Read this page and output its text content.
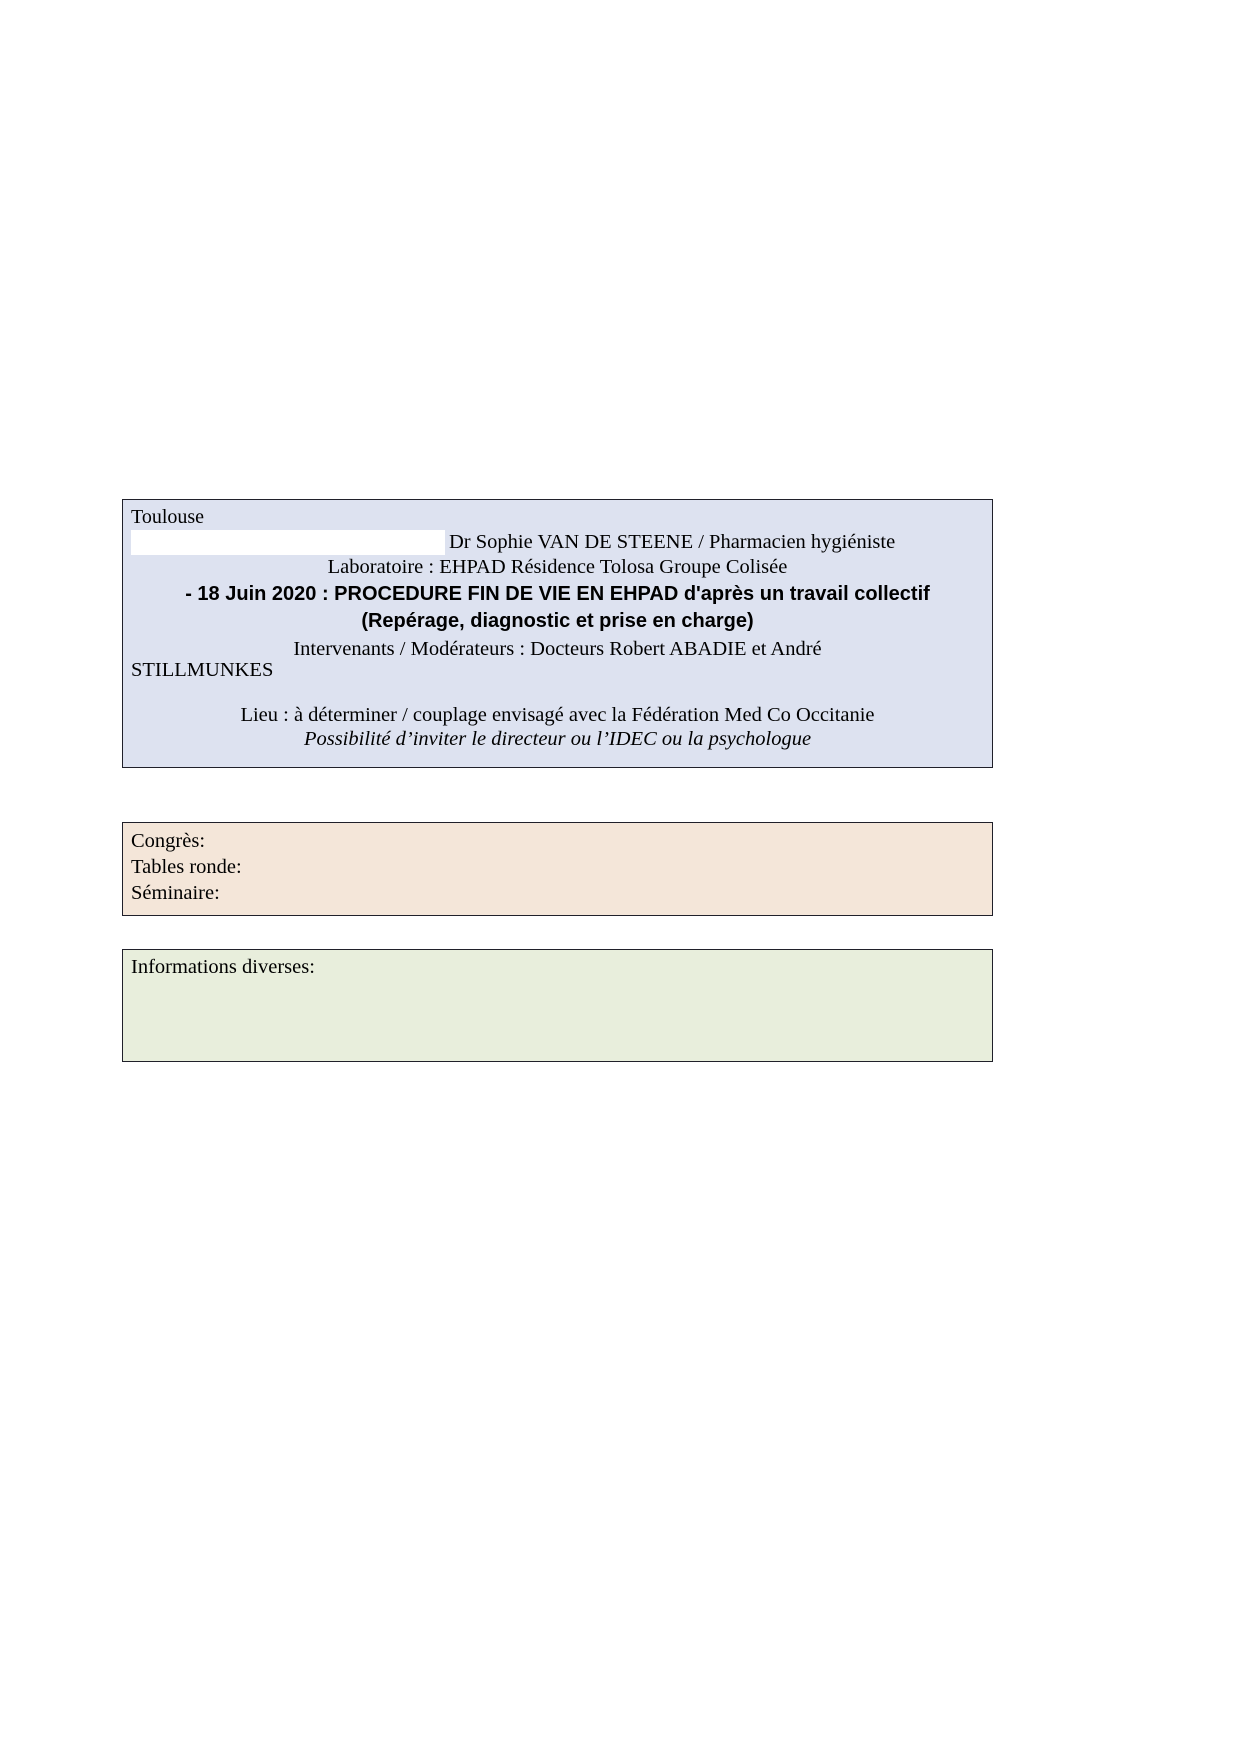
Toulouse
Dr Sophie VAN DE STEENE / Pharmacien hygiéniste
Laboratoire : EHPAD Résidence Tolosa Groupe Colisée
- 18 Juin 2020 : PROCEDURE FIN DE VIE EN EHPAD d'après un travail collectif
(Repérage, diagnostic et prise en charge)
Intervenants / Modérateurs : Docteurs Robert ABADIE et André
STILLMUNKES
Lieu : à déterminer / couplage envisagé avec la Fédération Med Co Occitanie
Possibilité d’inviter le directeur ou l’IDEC ou la psychologue
Congrès:
Tables ronde:
Séminaire:
Informations diverses:
